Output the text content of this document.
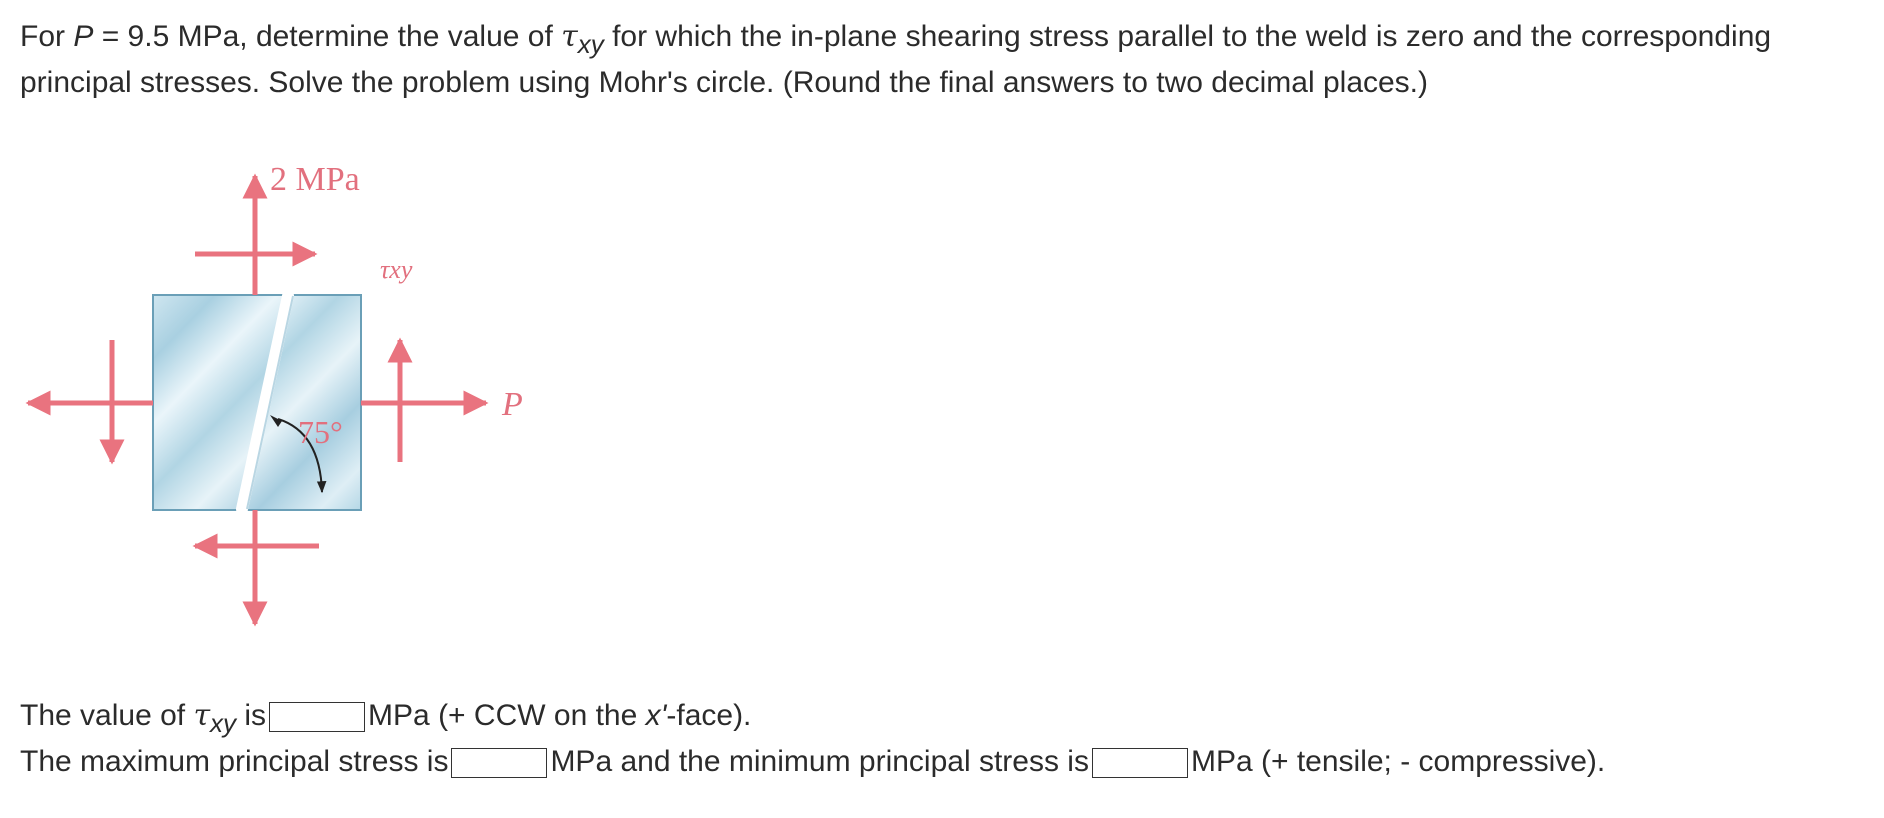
For P = 9.5 MPa, determine the value of τxy for which the in-plane shearing stress parallel to the weld is zero and the corresponding principal stresses. Solve the problem using Mohr's circle. (Round the final answers to two decimal places.)
2 MPa
τxy
P
75°
The value of τxy is	MPa (+ CCW on the x'-face).
The maximum principal stress is	MPa and the minimum principal stress is	MPa (+ tensile; - compressive).
